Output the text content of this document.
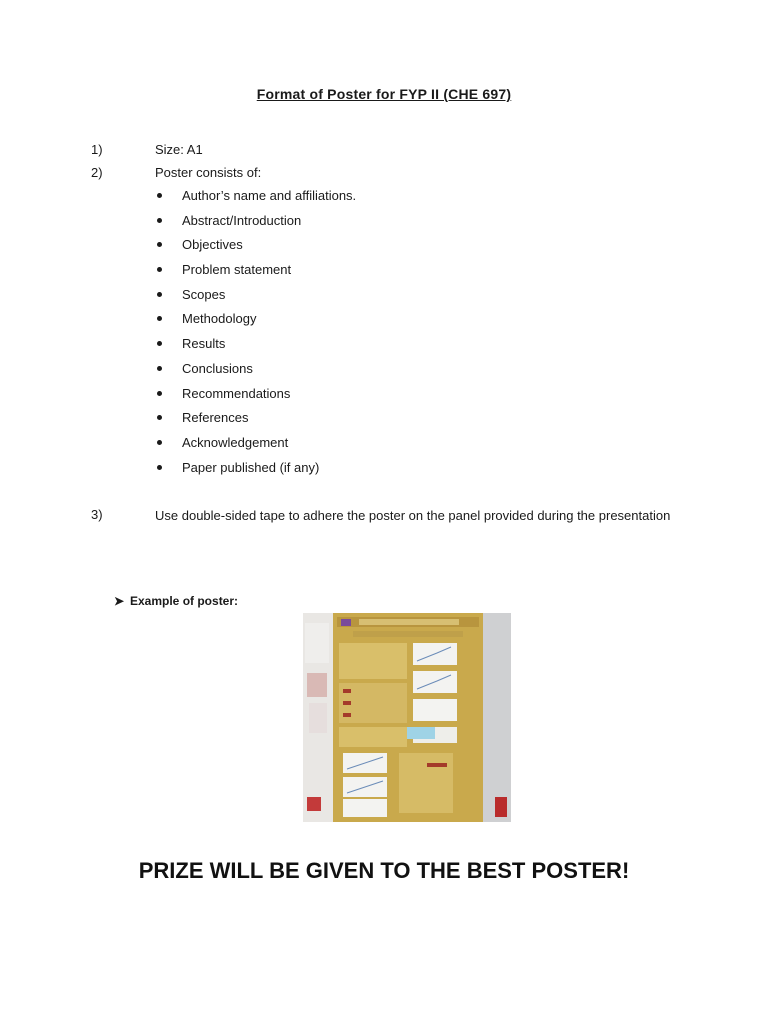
Format of Poster for FYP II (CHE 697)
1)	Size: A1
2)	Poster consists of:
Author’s name and affiliations.
Abstract/Introduction
Objectives
Problem statement
Scopes
Methodology
Results
Conclusions
Recommendations
References
Acknowledgement
Paper published (if any)
3)	Use double-sided tape to adhere the poster on the panel provided during the presentation
➤ Example of poster:
PRIZE WILL BE GIVEN TO THE BEST POSTER!
